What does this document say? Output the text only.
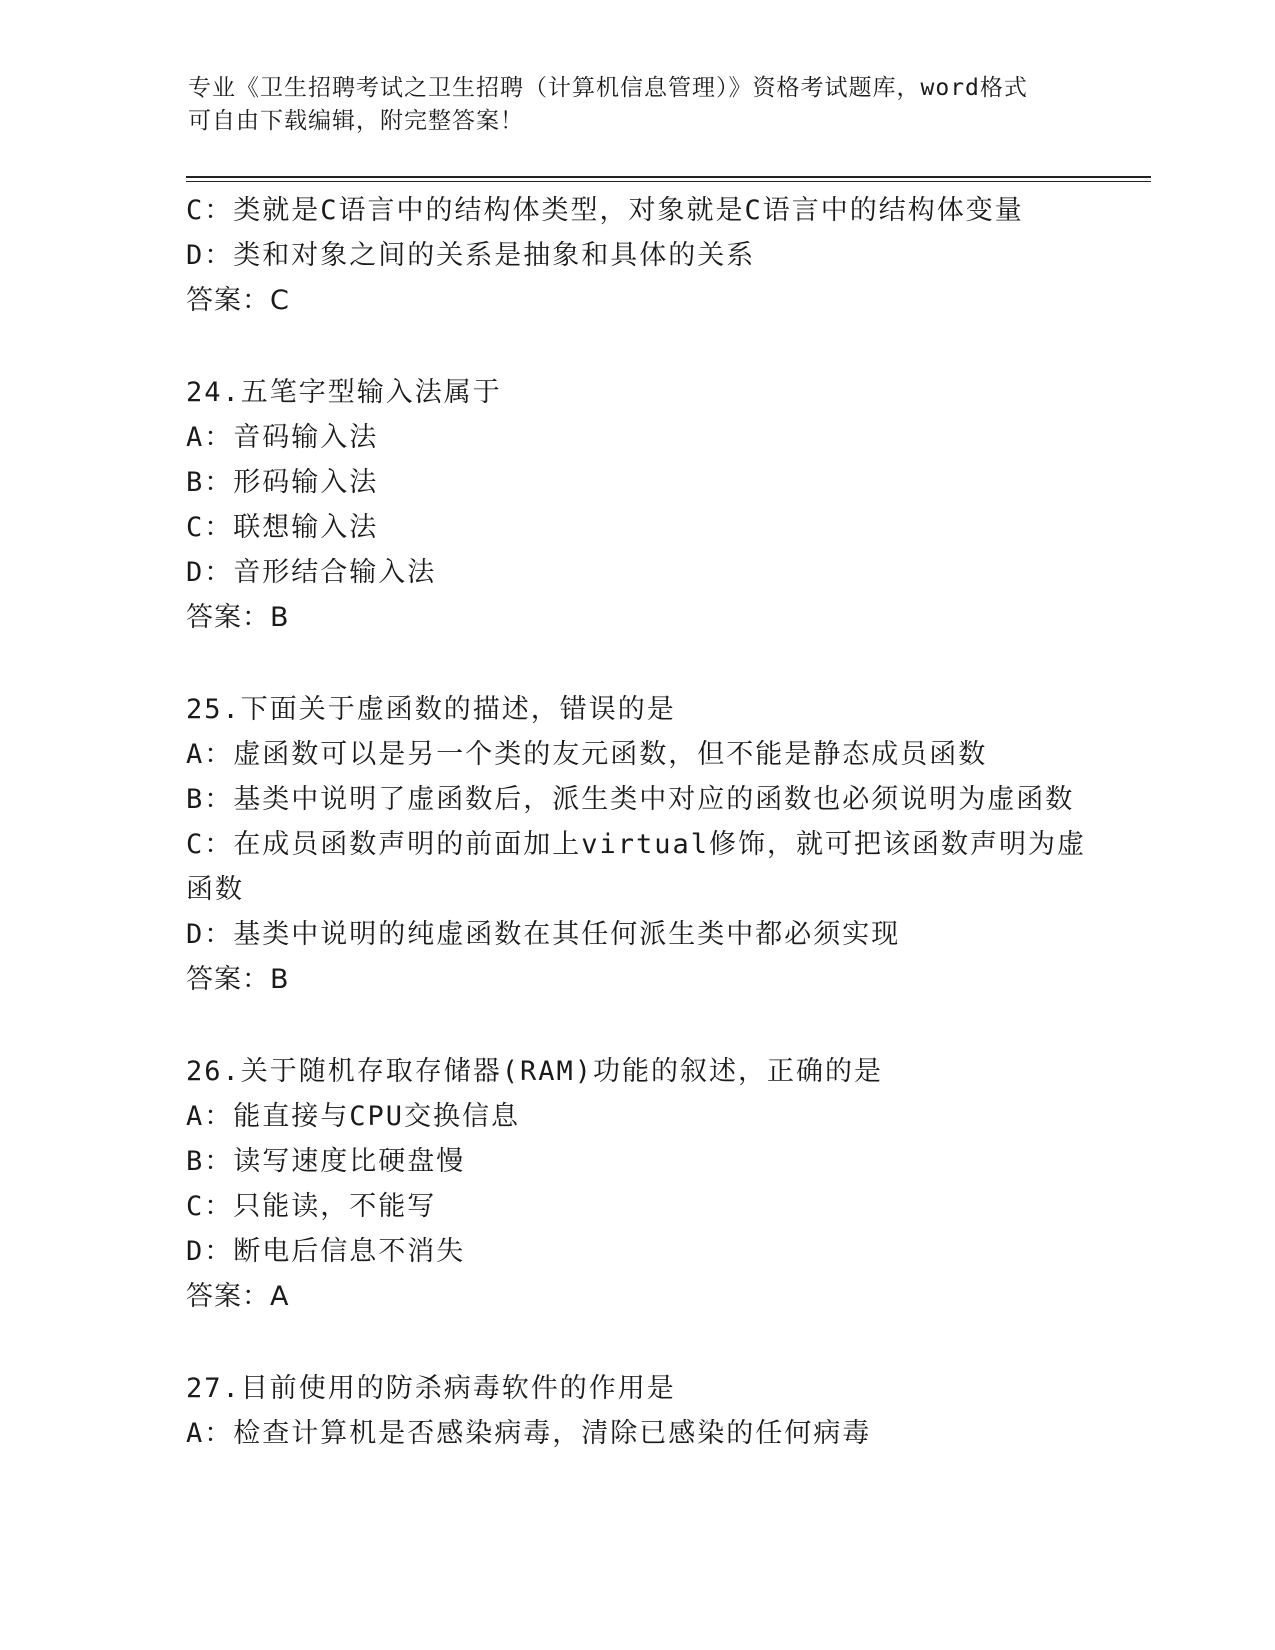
专业《卫生招聘考试之卫生招聘（计算机信息管理）》资格考试题库，word格式
可自由下载编辑，附完整答案！
C：类就是C语言中的结构体类型，对象就是C语言中的结构体变量
D：类和对象之间的关系是抽象和具体的关系
答案：C
24.五笔字型输入法属于
A：音码输入法
B：形码输入法
C：联想输入法
D：音形结合输入法
答案：B
25.下面关于虚函数的描述，错误的是
A：虚函数可以是另一个类的友元函数，但不能是静态成员函数
B：基类中说明了虚函数后，派生类中对应的函数也必须说明为虚函数
C：在成员函数声明的前面加上virtual修饰，就可把该函数声明为虚
函数
D：基类中说明的纯虚函数在其任何派生类中都必须实现
答案：B
26.关于随机存取存储器(RAM)功能的叙述，正确的是
A：能直接与CPU交换信息
B：读写速度比硬盘慢
C：只能读，不能写
D：断电后信息不消失
答案：A
27.目前使用的防杀病毒软件的作用是
A：检查计算机是否感染病毒，清除已感染的任何病毒
